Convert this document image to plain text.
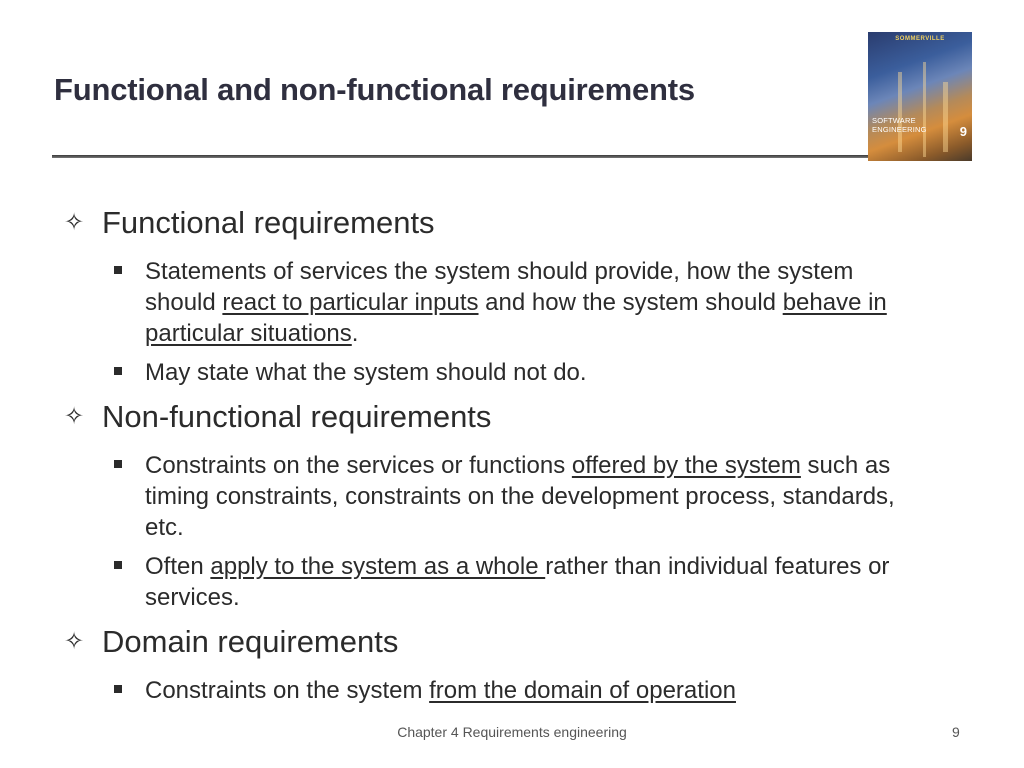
Functional and non-functional requirements
SOMMERVILLE
SOFTWARE ENGINEERING	9
✧ Functional requirements
Statements of services the system should provide, how the system should react to particular inputs and how the system should behave in particular situations.
May state what the system should not do.
✧ Non-functional requirements
Constraints on the services or functions offered by the system such as timing constraints, constraints on the development process, standards, etc.
Often apply to the system as a whole rather than individual features or services.
✧ Domain requirements
Constraints on the system from the domain of operation
Chapter 4 Requirements engineering	9
